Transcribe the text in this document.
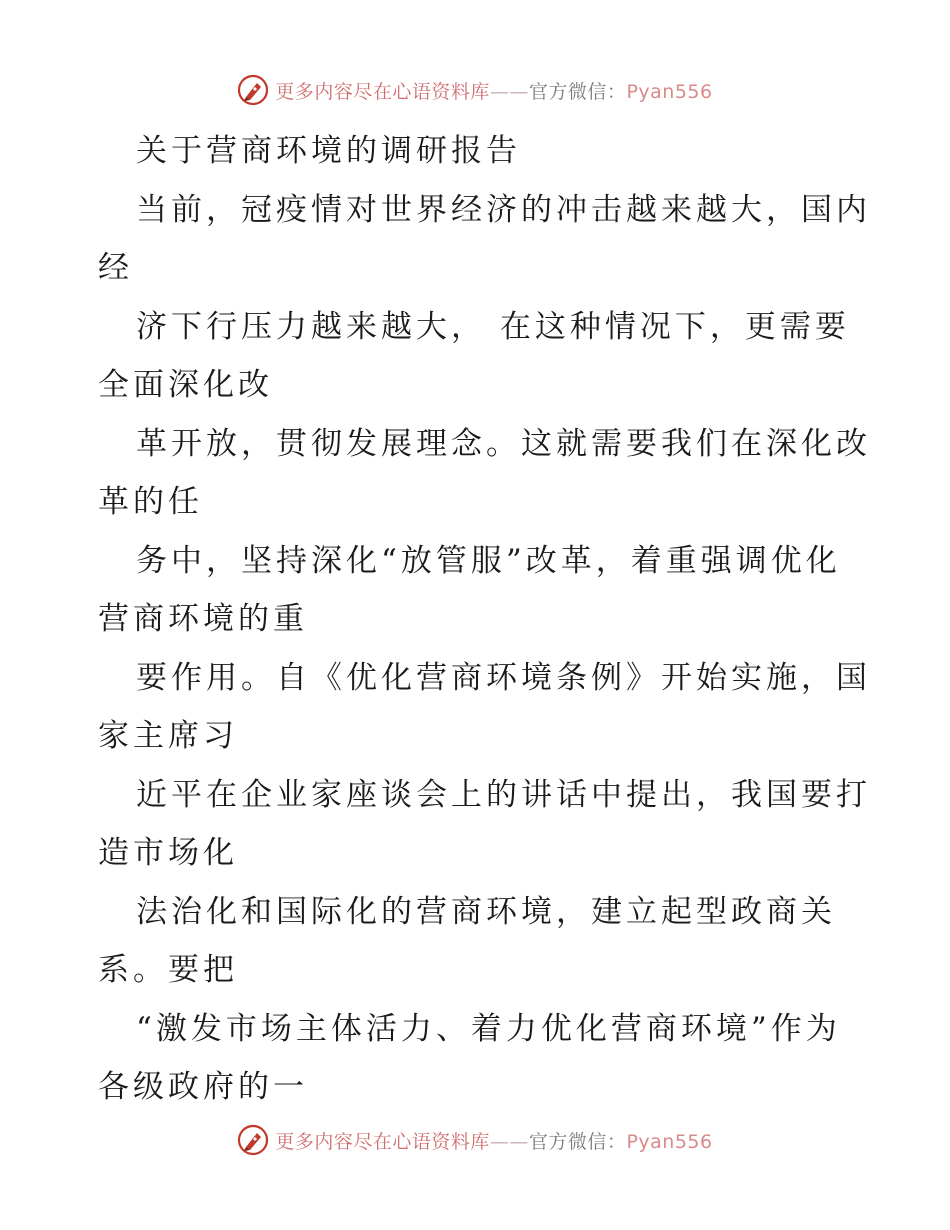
更多内容尽在心语资料库——官方微信：Pyan556
关于营商环境的调研报告
当前，冠疫情对世界经济的冲击越来越大，国内
经
济下行压力越来越大， 在这种情况下，更需要
全面深化改
革开放，贯彻发展理念。这就需要我们在深化改
革的任
务中，坚持深化“放管服”改革，着重强调优化
营商环境的重
要作用。自《优化营商环境条例》开始实施，国
家主席习
近平在企业家座谈会上的讲话中提出，我国要打
造市场化
法治化和国际化的营商环境，建立起型政商关
系。要把
“激发市场主体活力、着力优化营商环境”作为
各级政府的一
更多内容尽在心语资料库——官方微信：Pyan556
